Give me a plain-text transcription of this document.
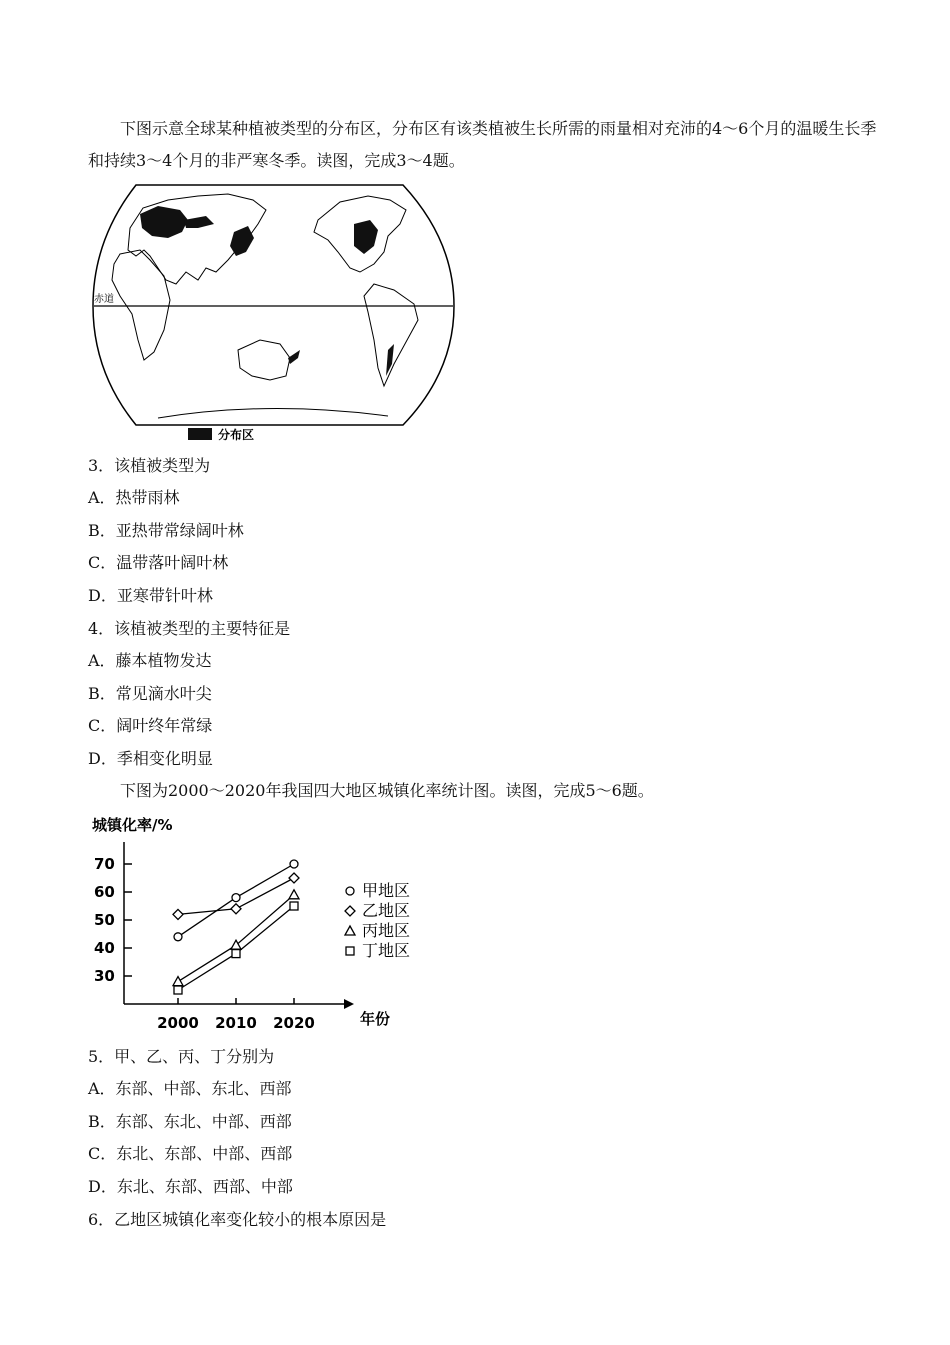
下图示意全球某种植被类型的分布区，分布区有该类植被生长所需的雨量相对充沛的4～6个月的温暖生长季和持续3～4个月的非严寒冬季。读图，完成3～4题。
赤道
分布区
3．该植被类型为
A．热带雨林
B．亚热带常绿阔叶林
C．温带落叶阔叶林
D．亚寒带针叶林
4．该植被类型的主要特征是
A．藤本植物发达
B．常见滴水叶尖
C．阔叶终年常绿
D．季相变化明显
下图为2000～2020年我国四大地区城镇化率统计图。读图，完成5～6题。
城镇化率/%
年份
30
40
50
60
70
2000 2010 2020
甲地区
乙地区
丙地区
丁地区
5．甲、乙、丙、丁分别为
A．东部、中部、东北、西部
B．东部、东北、中部、西部
C．东北、东部、中部、西部
D．东北、东部、西部、中部
6．乙地区城镇化率变化较小的根本原因是
